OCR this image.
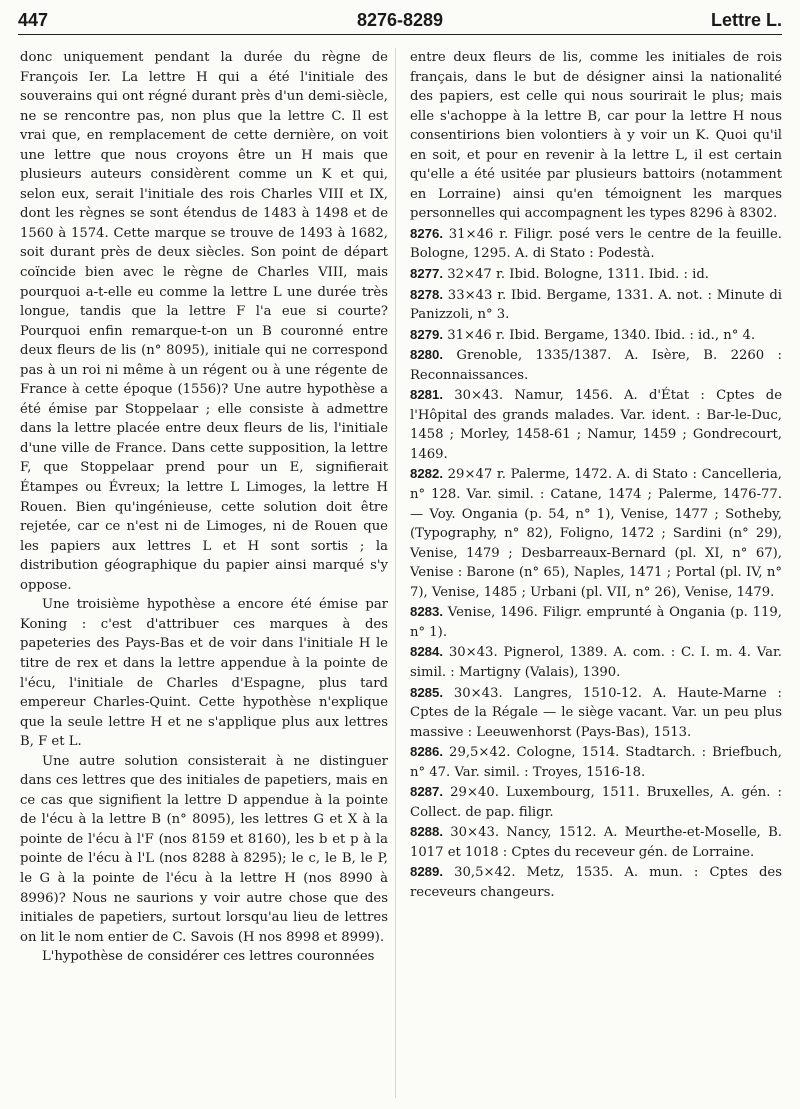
447	8276-8289	Lettre L.

donc uniquement pendant la durée du règne de François Ier. La lettre H qui a été l'initiale des souverains qui ont régné durant près d'un demi-siècle, ne se rencontre pas, non plus que la lettre C. Il est vrai que, en remplacement de cette dernière, on voit une lettre que nous croyons être un H mais que plusieurs auteurs considèrent comme un K et qui, selon eux, serait l'initiale des rois Charles VIII et IX, dont les règnes se sont étendus de 1483 à 1498 et de 1560 à 1574. Cette marque se trouve de 1493 à 1682, soit durant près de deux siècles. Son point de départ coïncide bien avec le règne de Charles VIII, mais pourquoi a-t-elle eu comme la lettre L une durée très longue, tandis que la lettre F l'a eue si courte? Pourquoi enfin remarque-t-on un B couronné entre deux fleurs de lis (n° 8095), initiale qui ne correspond pas à un roi ni même à un régent ou à une régente de France à cette époque (1556)? Une autre hypothèse a été émise par Stoppelaar ; elle consiste à admettre dans la lettre placée entre deux fleurs de lis, l'initiale d'une ville de France. Dans cette supposition, la lettre F, que Stoppelaar prend pour un E, signifierait Étampes ou Évreux; la lettre L Limoges, la lettre H Rouen. Bien qu'ingénieuse, cette solution doit être rejetée, car ce n'est ni de Limoges, ni de Rouen que les papiers aux lettres L et H sont sortis ; la distribution géographique du papier ainsi marqué s'y oppose.

Une troisième hypothèse a encore été émise par Koning : c'est d'attribuer ces marques à des papeteries des Pays-Bas et de voir dans l'initiale H le titre de rex et dans la lettre appendue à la pointe de l'écu, l'initiale de Charles d'Espagne, plus tard empereur Charles-Quint. Cette hypothèse n'explique que la seule lettre H et ne s'applique plus aux lettres B, F et L.

Une autre solution consisterait à ne distinguer dans ces lettres que des initiales de papetiers, mais en ce cas que signifient la lettre D appendue à la pointe de l'écu à la lettre B (n° 8095), les lettres G et X à la pointe de l'écu à l'F (nos 8159 et 8160), les b et p à la pointe de l'écu à l'L (nos 8288 à 8295); le c, le B, le P, le G à la pointe de l'écu à la lettre H (nos 8990 à 8996)? Nous ne saurions y voir autre chose que des initiales de papetiers, surtout lorsqu'au lieu de lettres on lit le nom entier de C. Savois (H nos 8998 et 8999).

L'hypothèse de considérer ces lettres couronnées

entre deux fleurs de lis, comme les initiales de rois français, dans le but de désigner ainsi la nationalité des papiers, est celle qui nous sourirait le plus; mais elle s'achoppe à la lettre B, car pour la lettre H nous consentirions bien volontiers à y voir un K. Quoi qu'il en soit, et pour en revenir à la lettre L, il est certain qu'elle a été usitée par plusieurs battoirs (notamment en Lorraine) ainsi qu'en témoignent les marques personnelles qui accompagnent les types 8296 à 8302.

8276. 31×46 r. Filigr. posé vers le centre de la feuille. Bologne, 1295. A. di Stato : Podestà.
8277. 32×47 r. Ibid. Bologne, 1311. Ibid. : id.
8278. 33×43 r. Ibid. Bergame, 1331. A. not. : Minute di Panizzoli, n° 3.
8279. 31×46 r. Ibid. Bergame, 1340. Ibid. : id., n° 4.
8280. Grenoble, 1335/1387. A. Isère, B. 2260 : Reconnaissances.
8281. 30×43. Namur, 1456. A. d'État : Cptes de l'Hôpital des grands malades. Var. ident. : Bar-le-Duc, 1458 ; Morley, 1458-61 ; Namur, 1459 ; Gondrecourt, 1469.
8282. 29×47 r. Palerme, 1472. A. di Stato : Cancelleria, n° 128. Var. simil. : Catane, 1474 ; Palerme, 1476-77. — Voy. Ongania (p. 54, n° 1), Venise, 1477 ; Sotheby, (Typography, n° 82), Foligno, 1472 ; Sardini (n° 29), Venise, 1479 ; Desbarreaux-Bernard (pl. XI, n° 67), Venise : Barone (n° 65), Naples, 1471 ; Portal (pl. IV, n° 7), Venise, 1485 ; Urbani (pl. VII, n° 26), Venise, 1479.
8283. Venise, 1496. Filigr. emprunté à Ongania (p. 119, n° 1).
8284. 30×43. Pignerol, 1389. A. com. : C. I. m. 4. Var. simil. : Martigny (Valais), 1390.
8285. 30×43. Langres, 1510-12. A. Haute-Marne : Cptes de la Régale — le siège vacant. Var. un peu plus massive : Leeuwenhorst (Pays-Bas), 1513.
8286. 29,5×42. Cologne, 1514. Stadtarch. : Briefbuch, n° 47. Var. simil. : Troyes, 1516-18.
8287. 29×40. Luxembourg, 1511. Bruxelles, A. gén. : Collect. de pap. filigr.
8288. 30×43. Nancy, 1512. A. Meurthe-et-Moselle, B. 1017 et 1018 : Cptes du receveur gén. de Lorraine.
8289. 30,5×42. Metz, 1535. A. mun. : Cptes des receveurs changeurs.
